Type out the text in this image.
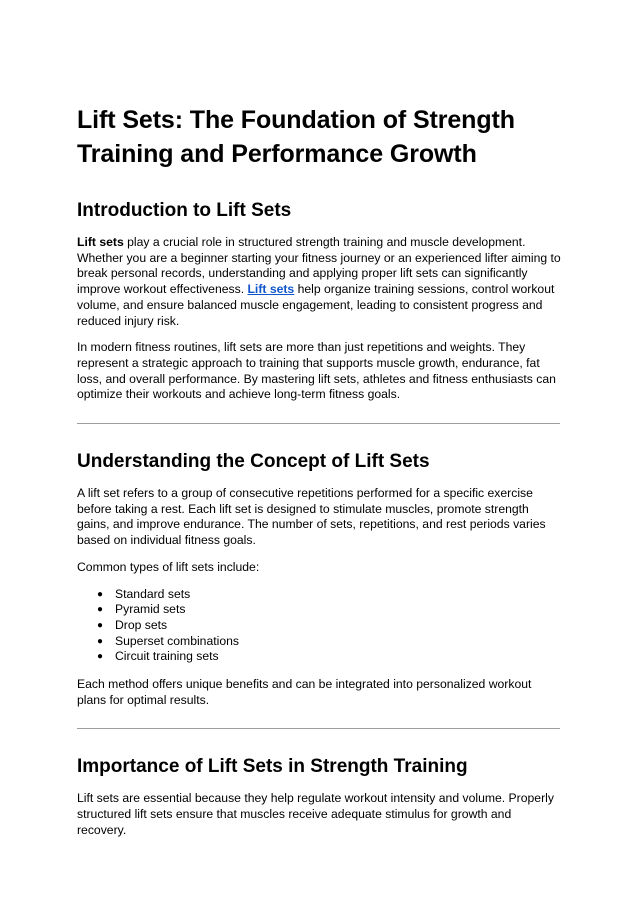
Lift Sets: The Foundation of Strength Training and Performance Growth
Introduction to Lift Sets

Lift sets play a crucial role in structured strength training and muscle development. Whether you are a beginner starting your fitness journey or an experienced lifter aiming to break personal records, understanding and applying proper lift sets can significantly improve workout effectiveness. Lift sets help organize training sessions, control workout volume, and ensure balanced muscle engagement, leading to consistent progress and reduced injury risk.

In modern fitness routines, lift sets are more than just repetitions and weights. They represent a strategic approach to training that supports muscle growth, endurance, fat loss, and overall performance. By mastering lift sets, athletes and fitness enthusiasts can optimize their workouts and achieve long-term fitness goals.

Understanding the Concept of Lift Sets

A lift set refers to a group of consecutive repetitions performed for a specific exercise before taking a rest. Each lift set is designed to stimulate muscles, promote strength gains, and improve endurance. The number of sets, repetitions, and rest periods varies based on individual fitness goals.

Common types of lift sets include:

● Standard sets
● Pyramid sets
● Drop sets
● Superset combinations
● Circuit training sets

Each method offers unique benefits and can be integrated into personalized workout plans for optimal results.

Importance of Lift Sets in Strength Training

Lift sets are essential because they help regulate workout intensity and volume. Properly structured lift sets ensure that muscles receive adequate stimulus for growth and recovery.
